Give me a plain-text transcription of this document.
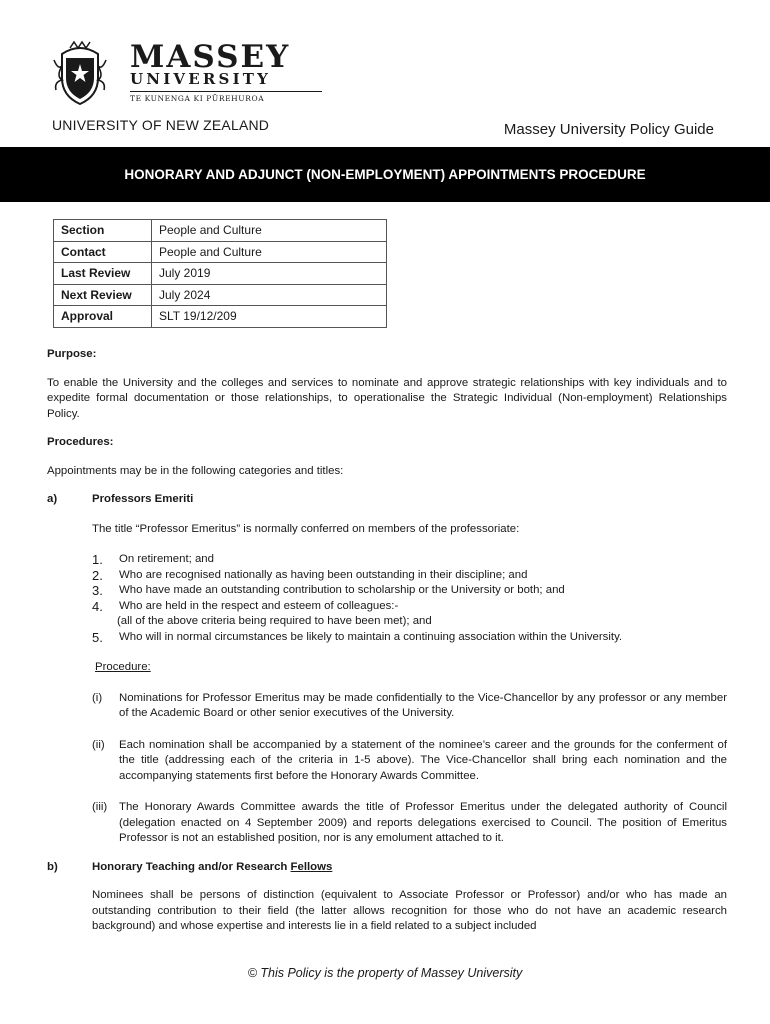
MASSEY
UNIVERSITY
TE KUNENGA KI PŪREHUROA
UNIVERSITY OF NEW ZEALAND	Massey University Policy Guide
HONORARY AND ADJUNCT (NON-EMPLOYMENT) APPOINTMENTS PROCEDURE
Section	People and Culture
Contact	People and Culture
Last Review	July 2019
Next Review	July 2024
Approval	SLT 19/12/209
Purpose:
To enable the University and the colleges and services to nominate and approve strategic relationships with key individuals and to expedite formal documentation or those relationships, to operationalise the Strategic Individual (Non-employment) Relationships Policy.
Procedures:
Appointments may be in the following categories and titles:
a)	Professors Emeriti
The title “Professor Emeritus” is normally conferred on members of the professoriate:
1. On retirement; and
2. Who are recognised nationally as having been outstanding in their discipline; and
3. Who have made an outstanding contribution to scholarship or the University or both; and
4. Who are held in the respect and esteem of colleagues:-
(all of the above criteria being required to have been met); and
5. Who will in normal circumstances be likely to maintain a continuing association within the University.
Procedure:
(i) Nominations for Professor Emeritus may be made confidentially to the Vice-Chancellor by any professor or any member of the Academic Board or other senior executives of the University.
(ii) Each nomination shall be accompanied by a statement of the nominee’s career and the grounds for the conferment of the title (addressing each of the criteria in 1-5 above). The Vice-Chancellor shall bring each nomination and the accompanying statements first before the Honorary Awards Committee.
(iii) The Honorary Awards Committee awards the title of Professor Emeritus under the delegated authority of Council (delegation enacted on 4 September 2009) and reports delegations exercised to Council. The position of Emeritus Professor is not an established position, nor is any emolument attached to it.
b)	Honorary Teaching and/or Research Fellows
Nominees shall be persons of distinction (equivalent to Associate Professor or Professor) and/or who has made an outstanding contribution to their field (the latter allows recognition for those who do not have an academic research background) and whose expertise and interests lie in a field related to a subject included
© This Policy is the property of Massey University
